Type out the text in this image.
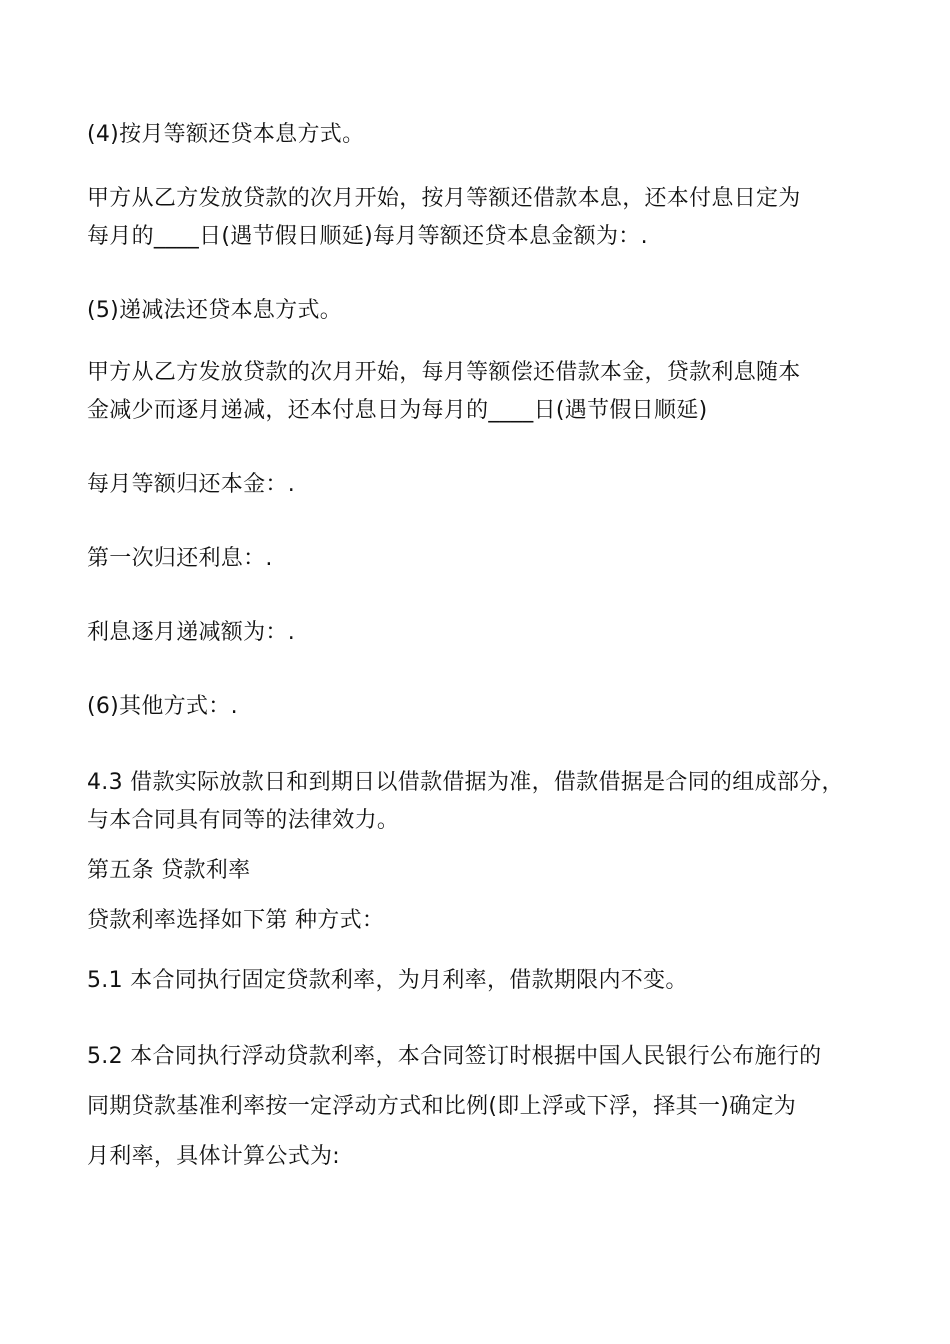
(4)按月等额还贷本息方式。

甲方从乙方发放贷款的次月开始，按月等额还借款本息，还本付息日定为

每月的____日(遇节假日顺延)每月等额还贷本息金额为：.

(5)递减法还贷本息方式。

甲方从乙方发放贷款的次月开始，每月等额偿还借款本金，贷款利息随本

金减少而逐月递减，还本付息日为每月的____日(遇节假日顺延)

每月等额归还本金：.

第一次归还利息：.

利息逐月递减额为：.

(6)其他方式：.

4.3 借款实际放款日和到期日以借款借据为准，借款借据是合同的组成部分，

与本合同具有同等的法律效力。

第五条 贷款利率

贷款利率选择如下第 种方式：

5.1 本合同执行固定贷款利率，为月利率，借款期限内不变。

5.2 本合同执行浮动贷款利率，本合同签订时根据中国人民银行公布施行的

同期贷款基准利率按一定浮动方式和比例(即上浮或下浮，择其一)确定为

月利率，具体计算公式为:
